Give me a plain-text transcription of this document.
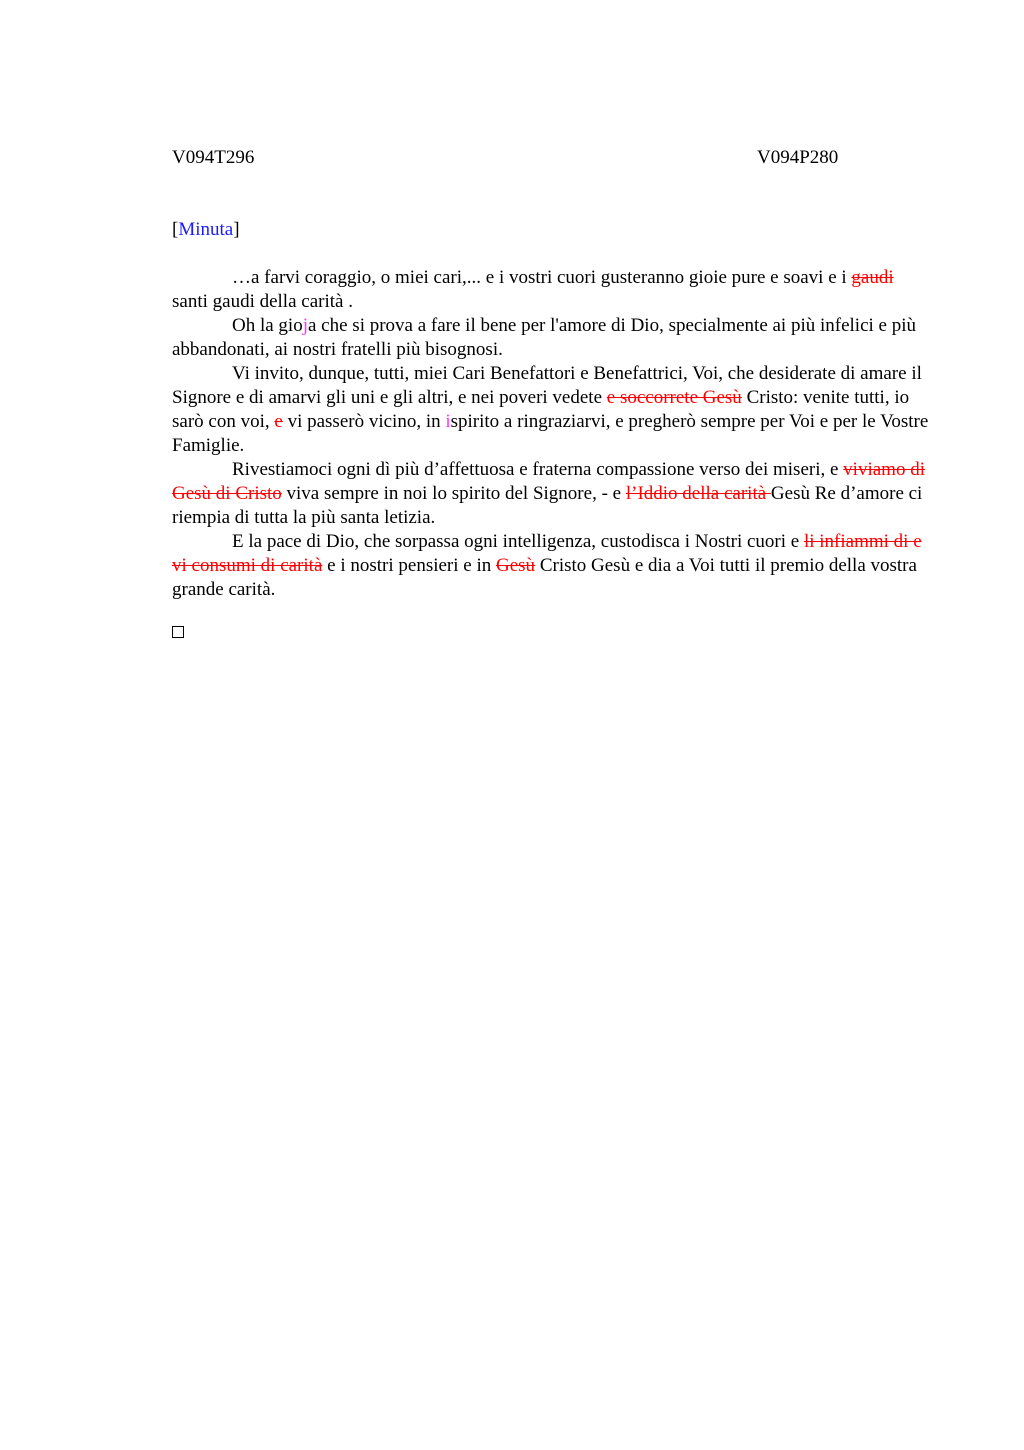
V094T296	V094P280
[Minuta]

…a farvi coraggio, o miei cari,... e i vostri cuori gusteranno gioie pure e soavi e i gaudi santi gaudi della carità .

Oh la gioja che si prova a fare il bene per l'amore di Dio, specialmente ai più infelici e più abbandonati, ai nostri fratelli più bisognosi.

Vi invito, dunque, tutti, miei Cari Benefattori e Benefattrici, Voi, che desiderate di amare il Signore e di amarvi gli uni e gli altri, e nei poveri vedete e soccorrete Gesù Cristo: venite tutti, io sarò con voi, e vi passerò vicino, in ispirito a ringraziarvi, e pregherò sempre per Voi e per le Vostre Famiglie.

Rivestiamoci ogni dì più d’affettuosa e fraterna compassione verso dei miseri, e viviamo di Gesù di Cristo viva sempre in noi lo spirito del Signore, - e l’Iddio della carità Gesù Re d’amore ci riempia di tutta la più santa letizia.

E la pace di Dio, che sorpassa ogni intelligenza, custodisca i Nostri cuori e li infiammi di e vi consumi di carità e i nostri pensieri e in Gesù Cristo Gesù e dia a Voi tutti il premio della vostra grande carità.
